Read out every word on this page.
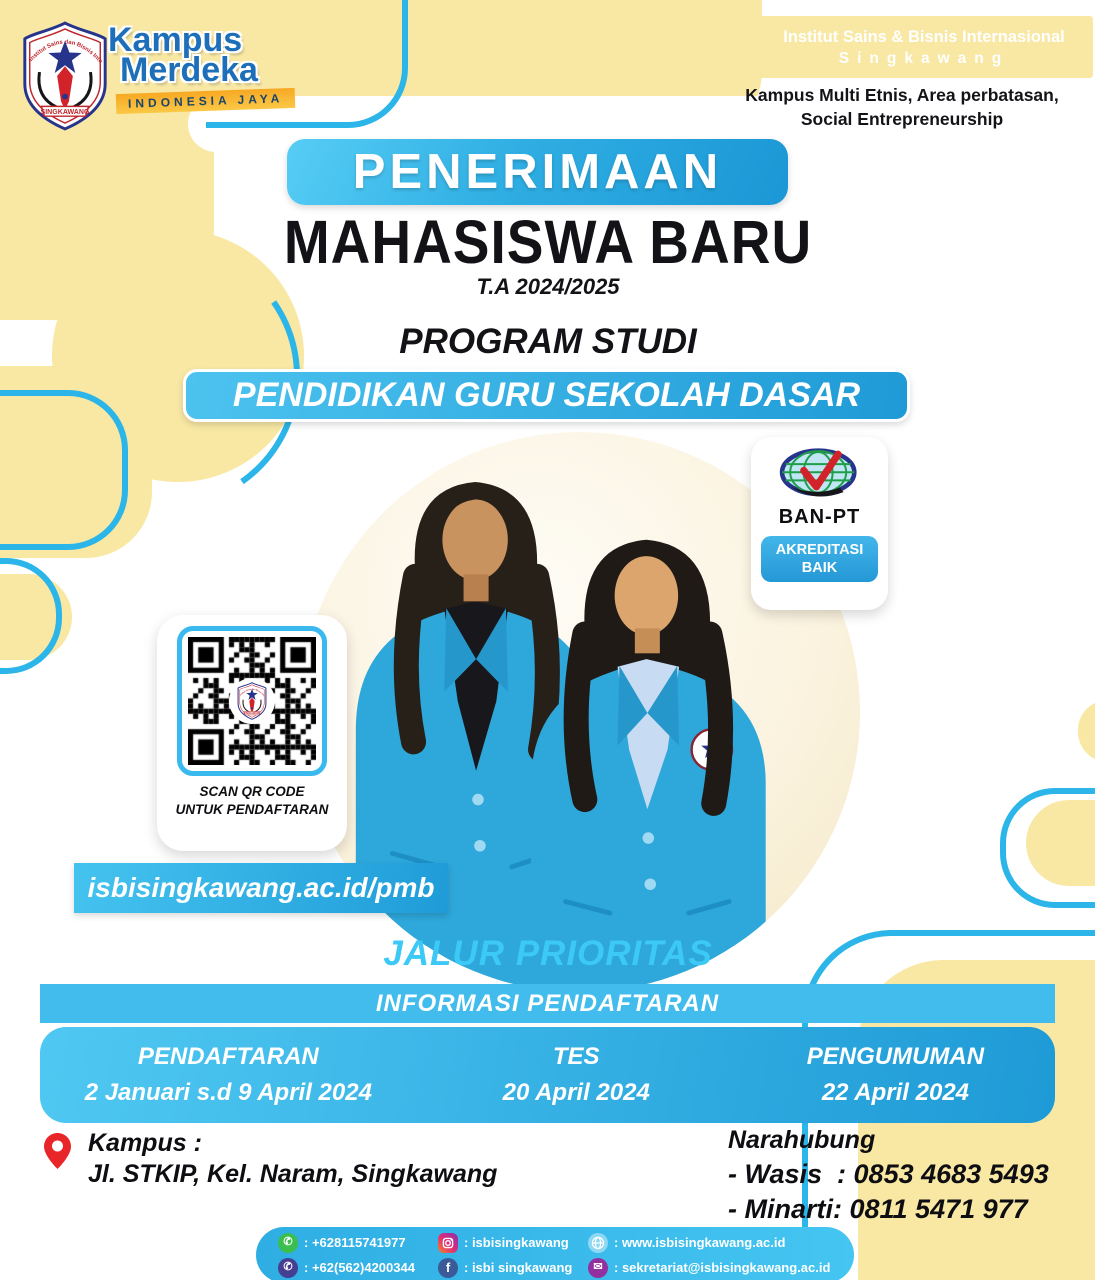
Kampus
Merdeka
INDONESIA JAYA
Institut Sains & Bisnis Internasional
Singkawang
Kampus Multi Etnis, Area perbatasan,
Social Entrepreneurship
PENERIMAAN
MAHASISWA BARU
T.A 2024/2025
PROGRAM STUDI
PENDIDIKAN GURU SEKOLAH DASAR
BAN-PT
AKREDITASI
BAIK
SCAN QR CODE
UNTUK PENDAFTARAN
isbisingkawang.ac.id/pmb
JALUR PRIORITAS
INFORMASI PENDAFTARAN
PENDAFTARAN
2 Januari s.d 9 April 2024
TES
20 April 2024
PENGUMUMAN
22 April 2024
Kampus :
Jl. STKIP, Kel. Naram, Singkawang
Narahubung
- Wasis  : 0853 4683 5493
- Minarti: 0811 5471 977
✆ : +628115741977	: isbisingkawang	: www.isbisingkawang.ac.id
✆ : +62(562)4200344	f	: isbi singkawang	✉ : sekretariat@isbisingkawang.ac.id
